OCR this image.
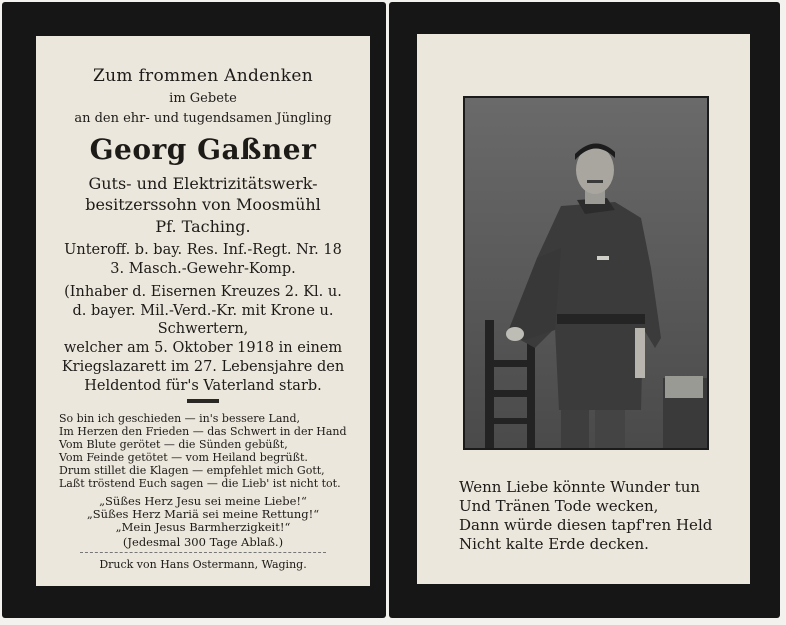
Zum frommen Andenken
im Gebete
an den ehr- und tugendsamen Jüngling
Georg Gaßner
Guts- und Elektrizitätswerk-
besitzerssohn von Moosmühl
Pf. Taching.
Unteroff. b. bay. Res. Inf.-Regt. Nr. 18
3. Masch.-Gewehr-Komp.
(Inhaber d. Eisernen Kreuzes 2. Kl. u.
d. bayer. Mil.-Verd.-Kr. mit Krone u.
Schwertern,
welcher am 5. Oktober 1918 in einem
Kriegslazarett im 27. Lebensjahre den
Heldentod für's Vaterland starb.
So bin ich geschieden — in's bessere Land,
Im Herzen den Frieden — das Schwert in der Hand
Vom Blute gerötet — die Sünden gebüßt,
Vom Feinde getötet — vom Heiland begrüßt.
Drum stillet die Klagen — empfehlet mich Gott,
Laßt tröstend Euch sagen — die Lieb' ist nicht tot.
„Süßes Herz Jesu sei meine Liebe!“
„Süßes Herz Mariä sei meine Rettung!“
„Mein Jesus Barmherzigkeit!“
(Jedesmal 300 Tage Ablaß.)
Druck von Hans Ostermann, Waging.
Wenn Liebe könnte Wunder tun
Und Tränen Tode wecken,
Dann würde diesen tapf'ren Held
Nicht kalte Erde decken.
